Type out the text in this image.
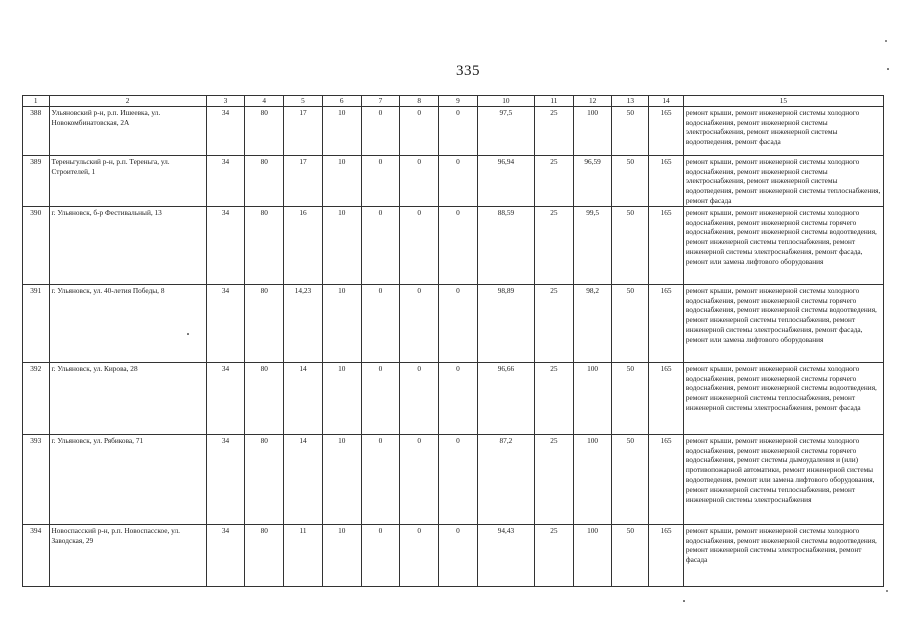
335
1	2	3	4	5	6	7	8	9	10	11	12	13	14	15
388	Ульяновский р-н, р.п. Ишеевка, ул. Новокомбинатовская, 2А	34	80	17	10	0	0	0	97,5	25	100	50	165	ремонт крыши, ремонт инженерной системы холодного водоснабжения, ремонт инженерной системы электроснабжения, ремонт инженерной системы водоотведения, ремонт фасада
389	Тереньгульский р-н, р.п. Тереньга, ул. Строителей, 1	34	80	17	10	0	0	0	96,94	25	96,59	50	165	ремонт крыши, ремонт инженерной системы холодного водоснабжения, ремонт инженерной системы электроснабжения, ремонт инженерной системы водоотведения, ремонт инженерной системы теплоснабжения, ремонт фасада
390	г. Ульяновск, б-р Фестивальный, 13	34	80	16	10	0	0	0	88,59	25	99,5	50	165	ремонт крыши, ремонт инженерной системы холодного водоснабжения, ремонт инженерной системы горячего водоснабжения, ремонт инженерной системы водоотведения, ремонт инженерной системы теплоснабжения, ремонт инженерной системы электроснабжения, ремонт фасада, ремонт или замена лифтового оборудования
391	г. Ульяновск, ул. 40-летия Победы, 8	34	80	14,23	10	0	0	0	98,89	25	98,2	50	165	ремонт крыши, ремонт инженерной системы холодного водоснабжения, ремонт инженерной системы горячего водоснабжения, ремонт инженерной системы водоотведения, ремонт инженерной системы теплоснабжения, ремонт инженерной системы электроснабжения, ремонт фасада, ремонт или замена лифтового оборудования
392	г. Ульяновск, ул. Кирова, 28	34	80	14	10	0	0	0	96,66	25	100	50	165	ремонт крыши, ремонт инженерной системы холодного водоснабжения, ремонт инженерной системы горячего водоснабжения, ремонт инженерной системы водоотведения, ремонт инженерной системы теплоснабжения, ремонт инженерной системы электроснабжения, ремонт фасада
393	г. Ульяновск, ул. Рябикова, 71	34	80	14	10	0	0	0	87,2	25	100	50	165	ремонт крыши, ремонт инженерной системы холодного водоснабжения, ремонт инженерной системы горячего водоснабжения, ремонт системы дымоудаления и (или) противопожарной автоматики, ремонт инженерной системы водоотведения, ремонт или замена лифтового оборудования, ремонт инженерной системы теплоснабжения, ремонт инженерной системы электроснабжения
394	Новоспасский р-н, р.п. Новоспасское, ул. Заводская, 29	34	80	11	10	0	0	0	94,43	25	100	50	165	ремонт крыши, ремонт инженерной системы холодного водоснабжения, ремонт инженерной системы водоотведения, ремонт инженерной системы электроснабжения, ремонт фасада
